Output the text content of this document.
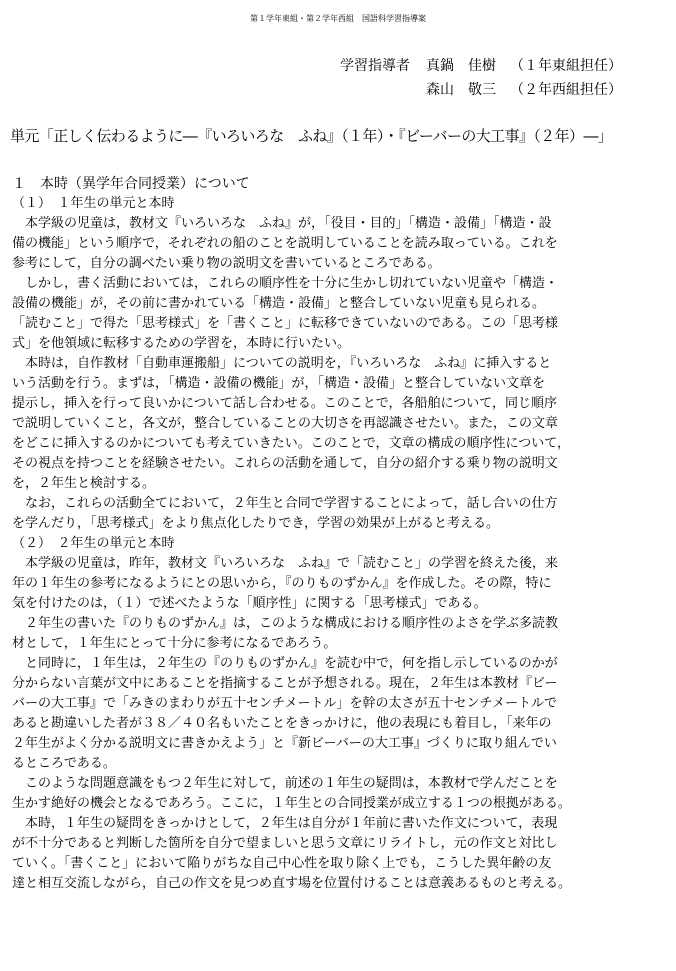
第１学年東組・第２学年西組　国語科学習指導案
学習指導者 真鍋　佳樹 （１年東組担任）
森山　敬三 （２年西組担任）
単元「正しく伝わるように―『いろいろな　ふね』（１年）・『ビーバーの大工事』（２年）―」
１　本時（異学年合同授業）について
（１）　１年生の単元と本時
　本学級の児童は，教材文『いろいろな　ふね』が，「役目・目的」「構造・設備」「構造・設
備の機能」という順序で，それぞれの船のことを説明していることを読み取っている。これを
参考にして，自分の調べたい乗り物の説明文を書いているところである。
　しかし，書く活動においては，これらの順序性を十分に生かし切れていない児童や「構造・
設備の機能」が，その前に書かれている「構造・設備」と整合していない児童も見られる。
「読むこと」で得た「思考様式」を「書くこと」に転移できていないのである。この「思考様
式」を他領域に転移するための学習を，本時に行いたい。
　本時は，自作教材「自動車運搬船」についての説明を，『いろいろな　ふね』に挿入すると
いう活動を行う。まずは，「構造・設備の機能」が，「構造・設備」と整合していない文章を
提示し，挿入を行って良いかについて話し合わせる。このことで，各船舶について，同じ順序
で説明していくこと，各文が，整合していることの大切さを再認識させたい。また，この文章
をどこに挿入するのかについても考えていきたい。このことで，文章の構成の順序性について，
その視点を持つことを経験させたい。これらの活動を通して，自分の紹介する乗り物の説明文
を，２年生と検討する。
　なお，これらの活動全てにおいて，２年生と合同で学習することによって，話し合いの仕方
を学んだり，「思考様式」をより焦点化したりでき，学習の効果が上がると考える。
（２）　２年生の単元と本時
　本学級の児童は，昨年，教材文『いろいろな　ふね』で「読むこと」の学習を終えた後，来
年の１年生の参考になるようにとの思いから，『のりものずかん』を作成した。その際，特に
気を付けたのは，（１）で述べたような「順序性」に関する「思考様式」である。
　２年生の書いた『のりものずかん』は，このような構成における順序性のよさを学ぶ多読教
材として，１年生にとって十分に参考になるであろう。
　と同時に，１年生は，２年生の『のりものずかん』を読む中で，何を指し示しているのかが
分からない言葉が文中にあることを指摘することが予想される。現在，２年生は本教材『ビー
バーの大工事』で「みきのまわりが五十センチメートル」を幹の太さが五十センチメートルで
あると勘違いした者が３８／４０名もいたことをきっかけに，他の表現にも着目し，「来年の
２年生がよく分かる説明文に書きかえよう」と『新ビーバーの大工事』づくりに取り組んでい
るところである。
　このような問題意識をもつ２年生に対して，前述の１年生の疑問は，本教材で学んだことを
生かす絶好の機会となるであろう。ここに，１年生との合同授業が成立する１つの根拠がある。
　本時，１年生の疑問をきっかけとして，２年生は自分が１年前に書いた作文について，表現
が不十分であると判断した箇所を自分で望ましいと思う文章にリライトし，元の作文と対比し
ていく。「書くこと」において陥りがちな自己中心性を取り除く上でも，こうした異年齢の友
達と相互交流しながら，自己の作文を見つめ直す場を位置付けることは意義あるものと考える。
